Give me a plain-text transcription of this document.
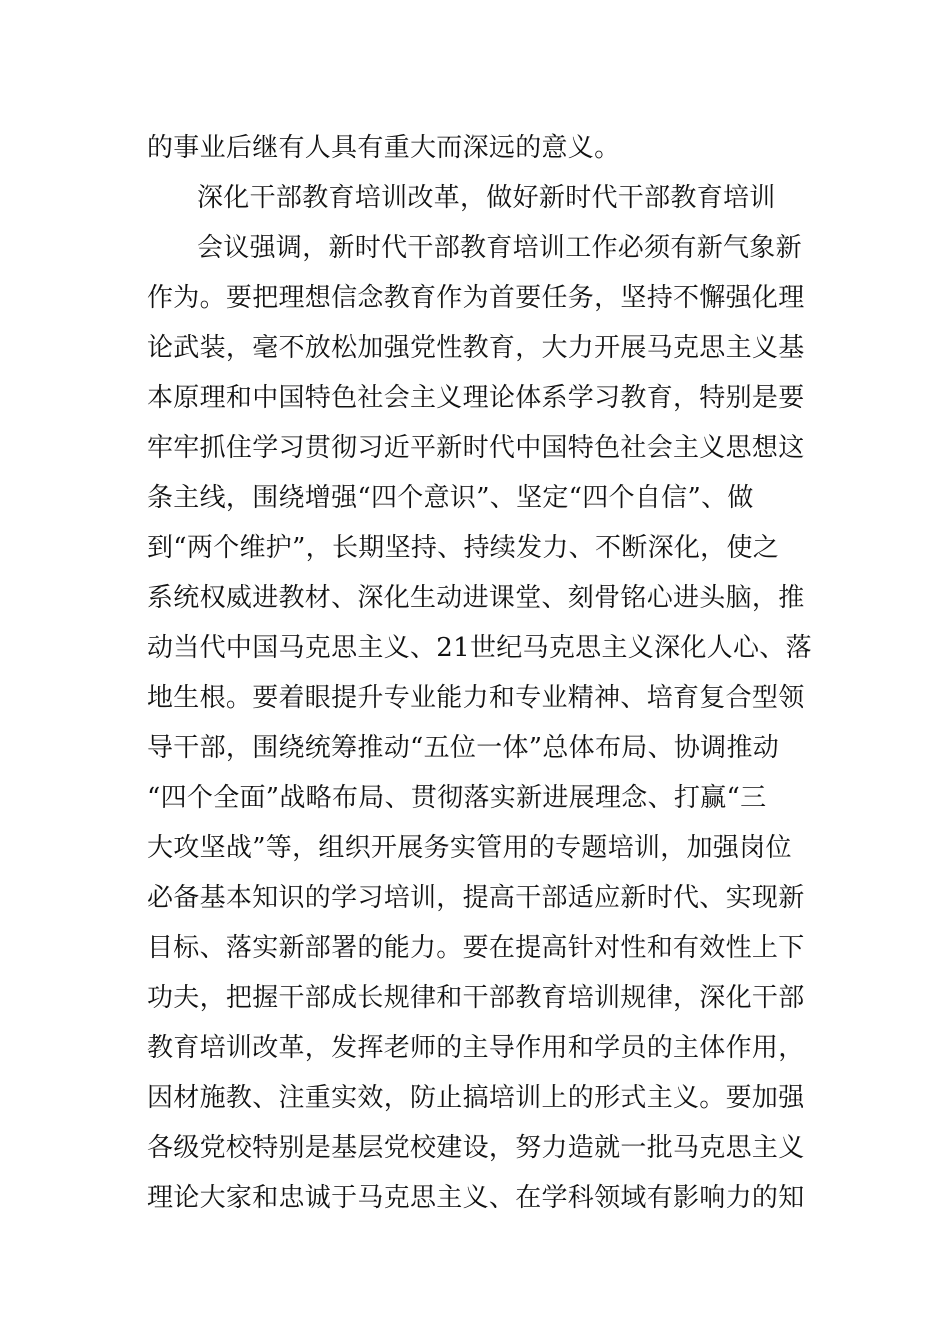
的事业后继有人具有重大而深远的意义。
深化干部教育培训改革，做好新时代干部教育培训
会议强调，新时代干部教育培训工作必须有新气象新
作为。要把理想信念教育作为首要任务，坚持不懈强化理
论武装，毫不放松加强党性教育，大力开展马克思主义基
本原理和中国特色社会主义理论体系学习教育，特别是要
牢牢抓住学习贯彻习近平新时代中国特色社会主义思想这
条主线，围绕增强“四个意识”、坚定“四个自信”、做
到“两个维护”，长期坚持、持续发力、不断深化，使之
系统权威进教材、深化生动进课堂、刻骨铭心进头脑，推
动当代中国马克思主义、21世纪马克思主义深化人心、落
地生根。要着眼提升专业能力和专业精神、培育复合型领
导干部，围绕统筹推动“五位一体”总体布局、协调推动
“四个全面”战略布局、贯彻落实新进展理念、打赢“三
大攻坚战”等，组织开展务实管用的专题培训，加强岗位
必备基本知识的学习培训，提高干部适应新时代、实现新
目标、落实新部署的能力。要在提高针对性和有效性上下
功夫，把握干部成长规律和干部教育培训规律，深化干部
教育培训改革，发挥老师的主导作用和学员的主体作用，
因材施教、注重实效，防止搞培训上的形式主义。要加强
各级党校特别是基层党校建设，努力造就一批马克思主义
理论大家和忠诚于马克思主义、在学科领域有影响力的知
